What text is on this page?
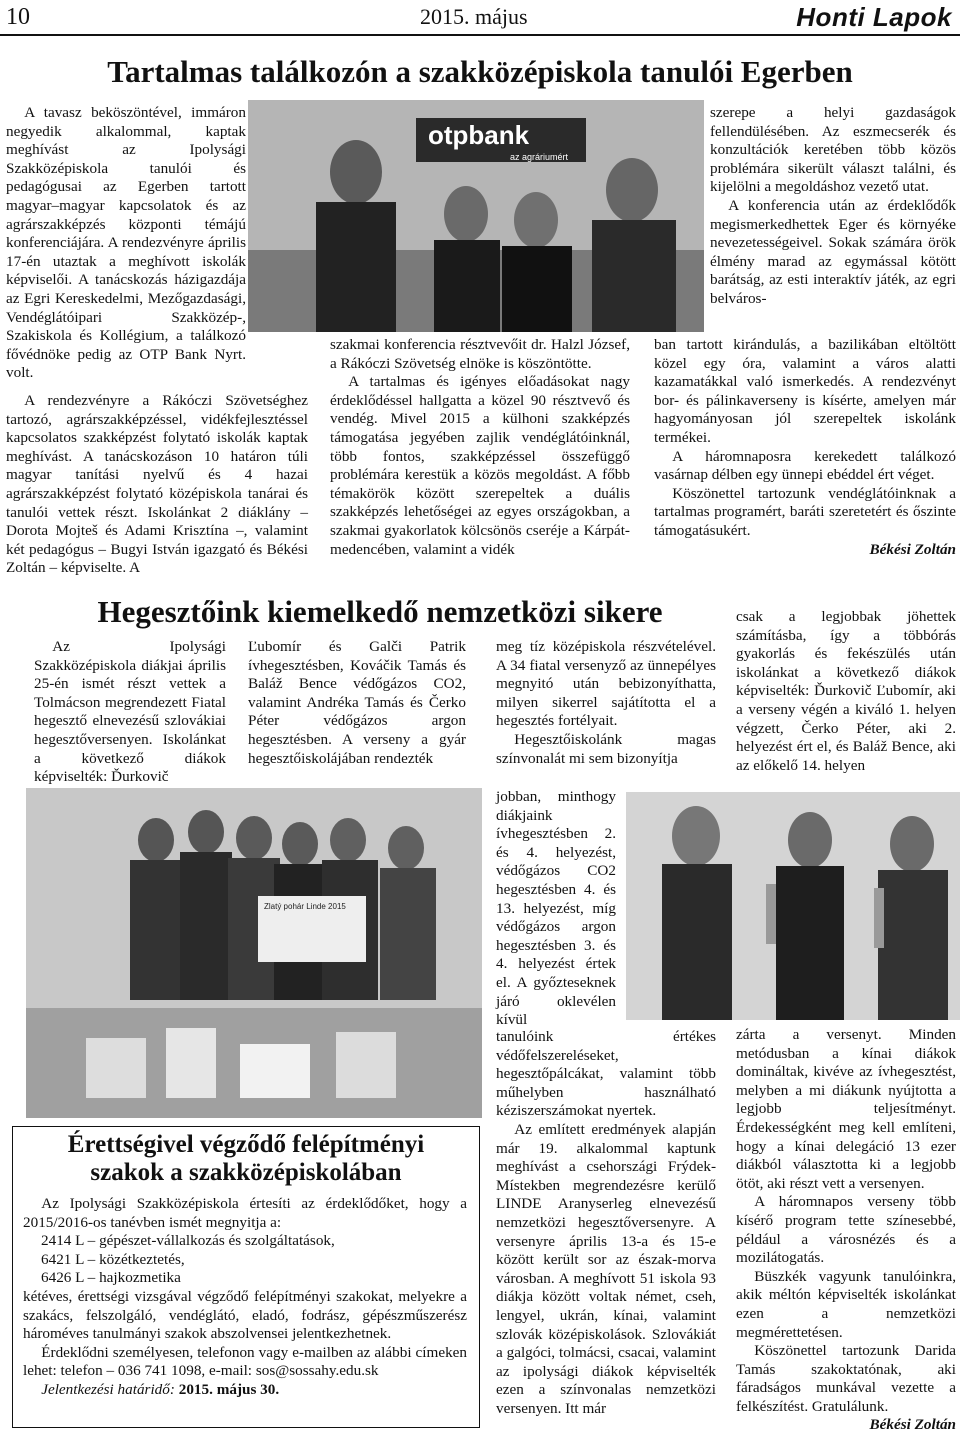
10	2015. május	Honti Lapok
Tartalmas találkozón a szakközépiskola tanulói Egerben
otpbank
az agráriumért

A tavasz beköszöntével, immáron negyedik alkalommal, kaptak meghívást az Ipolysági Szakközépiskola tanulói és pedagógusai az Egerben tartott magyar–magyar kapcsolatok és az agrárszakképzés központi témájú konferenciájára. A rendezvényre április 17-én utaztak a meghívott iskolák képviselői. A tanácskozás házigazdája az Egri Kereskedelmi, Mezőgazdasági, Vendéglátóipari Szakközép-, Szakiskola és Kollégium, a találkozó fővédnöke pedig az OTP Bank Nyrt. volt.

A rendezvényre a Rákóczi Szövetséghez tartozó, agrárszakképzéssel, vidékfejlesztéssel kapcsolatos szakképzést folytató iskolák kaptak meghívást. A tanácskozáson 10 határon túli magyar tanítási nyelvű és 4 hazai agrárszakképzést folytató középiskola tanárai és tanulói vettek részt. Iskolánkat 2 diáklány – Dorota Mojteš és Adami Krisztína –, valamint két pedagógus – Bugyi István igazgató és Békési Zoltán – képviselte. A

szakmai konferencia résztvevőit dr. Halzl József, a Rákóczi Szövetség elnöke is köszöntötte.

A tartalmas és igényes előadásokat nagy érdeklődéssel hallgatta a közel 90 résztvevő és vendég. Mivel 2015 a külhoni szakképzés támogatása jegyében zajlik vendéglátóinknál, több fontos, szakképzéssel összefüggő problémára kerestük a közös megoldást. A főbb témakörök között szerepeltek a duális szakképzés lehetőségei az egyes országokban, a szakmai gyakorlatok kölcsönös cseréje a Kárpát-medencében, valamint a vidék

szerepe a helyi gazdaságok fellendülésében. Az eszmecserék és konzultációk keretében több közös problémára sikerült választ találni, és kijelölni a megoldáshoz vezető utat.

A konferencia után az érdeklődők megismerkedhettek Eger és környéke nevezetességeivel. Sokak számára örök élmény marad az egymással kötött barátság, az esti interaktív játék, az egri belváros-

ban tartott kirándulás, a bazilikában eltöltött közel egy óra, valamint a város alatti kazamatákkal való ismerkedés. A rendezvényt bor- és pálinkaverseny is kísérte, amelyen már hagyományosan jól szerepeltek iskolánk termékei.

A háromnaposra kerekedett találkozó vasárnap délben egy ünnepi ebéddel ért véget.

Köszönettel tartozunk vendéglátóinknak a tartalmas programért, baráti szeretetért és őszinte támogatásukért.

Békési Zoltán
Hegesztőink kiemelkedő nemzetközi sikere

Az Ipolysági Szakközépiskola diákjai április 25-én ismét részt vettek a Tolmácson megrendezett Fiatal hegesztő elnevezésű szlovákiai hegesztőversenyen. Iskolánkat a következő diákok képviselték: Ďurkovič

Ľubomír és Galči Patrik ívhegesztésben, Kováčik Tamás és Baláž Bence védőgázos CO2, valamint Andréka Tamás és Čerko Péter védőgázos argon hegesztésben. A verseny a gyár hegesztőiskolájában rendezték

Zlatý pohár Linde 2015

meg tíz középiskola részvételével. A 34 fiatal versenyző az ünnepélyes megnyitó után bebizonyíthatta, milyen sikerrel sajátította el a hegesztés fortélyait.

Hegesztőiskolánk magas színvonalát mi sem bizonyítja

jobban, minthogy diákjaink ívhegesztésben 2. és 4. helyezést, védőgázos CO2 hegesztésben 4. és 13. helyezést, míg védőgázos argon hegesztésben 3. és 4. helyezést értek el. A győzteseknek járó oklevélen kívül

tanulóink értékes védőfelszereléseket, hegesztőpálcákat, valamint több műhelyben használható kéziszerszámokat nyertek.

Az említett eredmények alapján már 19. alkalommal kaptunk meghívást a csehországi Frýdek-Místekben megrendezésre kerülő LINDE Aranyserleg elnevezésű nemzetközi hegesztőversenyre. A versenyre április 13-a és 15-e között került sor az észak-morva városban. A meghívott 51 iskola 93 diákja között voltak német, cseh, lengyel, ukrán, kínai, valamint szlovák középiskolások. Szlovákiát a galgóci, tolmácsi, csacai, valamint az ipolysági diákok képviselték ezen a színvonalas nemzetközi versenyen. Itt már

csak a legjobbak jöhettek számításba, így a többórás gyakorlás és fekészülés után iskolánkat a következő diákok képviselték: Ďurkovič Ľubomír, aki a verseny végén a kiváló 1. helyen végzett, Čerko Péter, aki 2. helyezést ért el, és Baláž Bence, aki az előkelő 14. helyen

zárta a versenyt. Minden metódusban a kínai diákok domináltak, kivéve az ívhegesztést, melyben a mi diákunk nyújtotta a legjobb teljesítményt. Érdekességként meg kell említeni, hogy a kínai delegáció 13 ezer diákból választotta ki a legjobb ötöt, aki részt vett a versenyen.

A háromnapos verseny több kísérő program tette színesebbé, például a városnézés és a mozilátogatás.

Büszkék vagyunk tanulóinkra, akik méltón képviselték iskolánkat ezen a nemzetközi megmérettetésen.

Köszönettel tartozunk Darida Tamás szakoktatónak, aki fáradságos munkával vezette a felkészítést. Gratulálunk.

Békési Zoltán
Érettségivel végződő felépítményi
szakok a szakközépiskolában

Az Ipolysági Szakközépiskola értesíti az érdeklődőket, hogy a 2015/2016-os tanévben ismét megnyitja a:

2414 L – gépészet-vállalkozás és szolgáltatások,
6421 L – közétkeztetés,
6426 L – hajkozmetika

kétéves, érettségi vizsgával végződő felépítményi szakokat, melyekre a szakács, felszolgáló, vendéglátó, eladó, fodrász, gépészműszerész hároméves tanulmányi szakok abszolvensei jelentkezhetnek.

Érdeklődni személyesen, telefonon vagy e-mailben az alábbi címeken lehet: telefon – 036 741 1098, e-mail: sos@sossahy.edu.sk

Jelentkezési határidő: 2015. május 30.
